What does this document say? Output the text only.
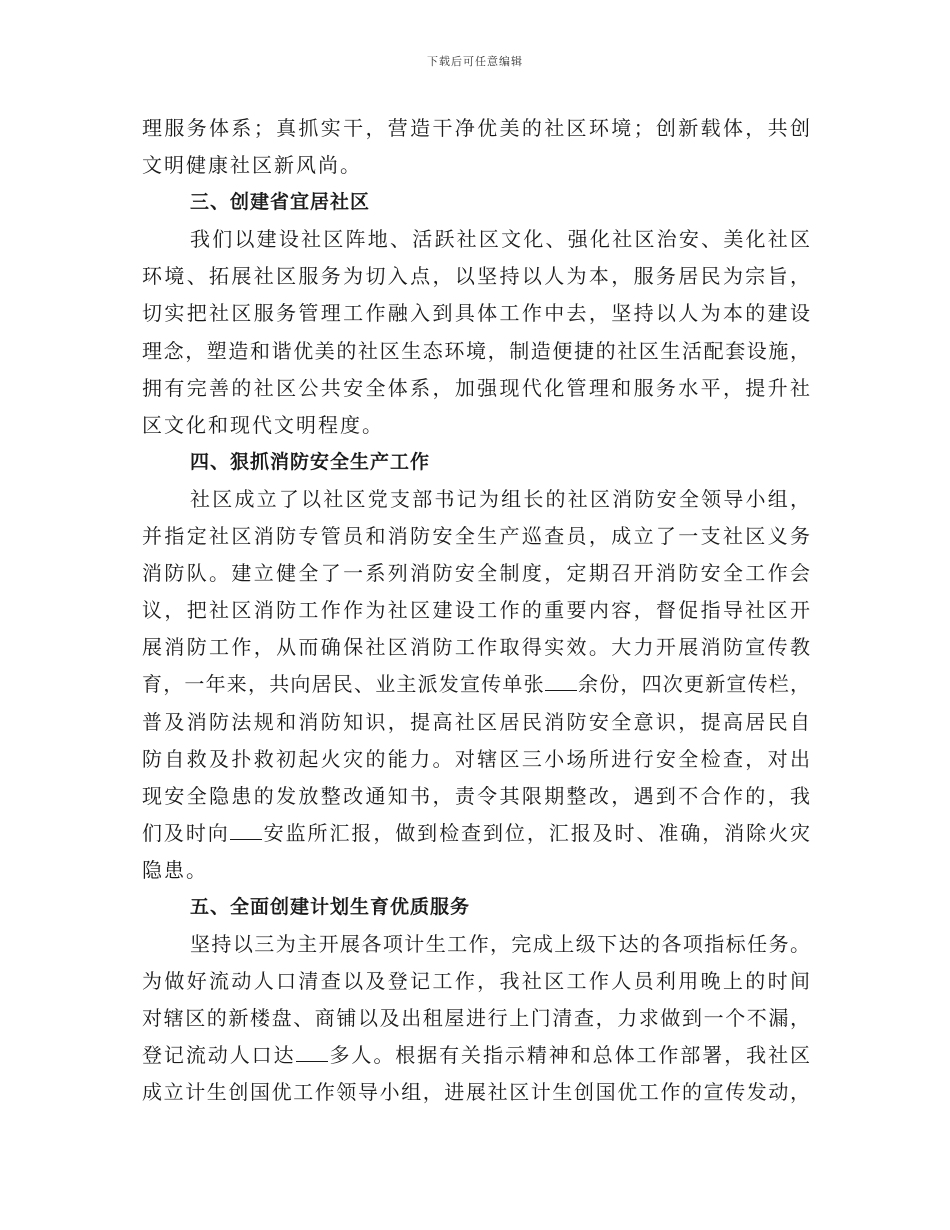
下载后可任意编辑
理服务体系；真抓实干，营造干净优美的社区环境；创新载体，共创
文明健康社区新风尚。
三、创建省宜居社区
我们以建设社区阵地、活跃社区文化、强化社区治安、美化社区
环境、拓展社区服务为切入点，以坚持以人为本，服务居民为宗旨，
切实把社区服务管理工作融入到具体工作中去，坚持以人为本的建设
理念，塑造和谐优美的社区生态环境，制造便捷的社区生活配套设施，
拥有完善的社区公共安全体系，加强现代化管理和服务水平，提升社
区文化和现代文明程度。
四、狠抓消防安全生产工作
社区成立了以社区党支部书记为组长的社区消防安全领导小组，
并指定社区消防专管员和消防安全生产巡查员，成立了一支社区义务
消防队。建立健全了一系列消防安全制度，定期召开消防安全工作会
议，把社区消防工作作为社区建设工作的重要内容，督促指导社区开
展消防工作，从而确保社区消防工作取得实效。大力开展消防宣传教
育，一年来，共向居民、业主派发宣传单张 余份，四次更新宣传栏，
普及消防法规和消防知识，提高社区居民消防安全意识，提高居民自
防自救及扑救初起火灾的能力。对辖区三小场所进行安全检查，对出
现安全隐患的发放整改通知书，责令其限期整改，遇到不合作的，我
们及时向 安监所汇报，做到检查到位，汇报及时、准确，消除火灾
隐患。
五、全面创建计划生育优质服务
坚持以三为主开展各项计生工作，完成上级下达的各项指标任务。
为做好流动人口清查以及登记工作，我社区工作人员利用晚上的时间
对辖区的新楼盘、商铺以及出租屋进行上门清查，力求做到一个不漏，
登记流动人口达 多人。根据有关指示精神和总体工作部署，我社区
成立计生创国优工作领导小组，进展社区计生创国优工作的宣传发动，
